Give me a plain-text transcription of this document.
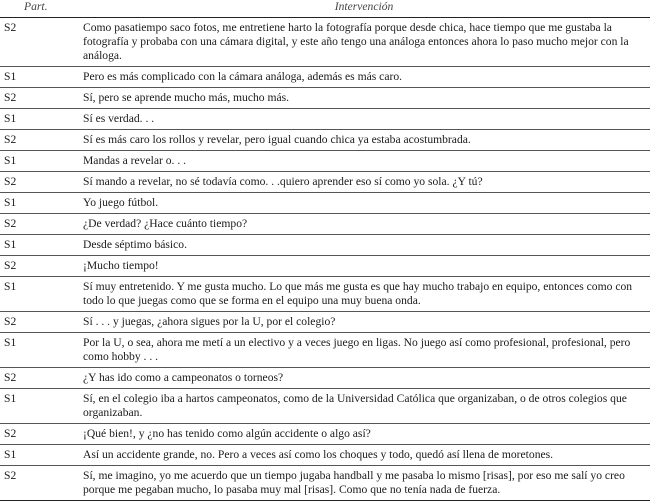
Part.	Intervención
S2	Como pasatiempo saco fotos, me entretiene harto la fotografía porque desde chica, hace tiempo que me gustaba la fotografía y probaba con una cámara digital, y este año tengo una análoga entonces ahora lo paso mucho mejor con la análoga.
S1	Pero es más complicado con la cámara análoga, además es más caro.
S2	Sí, pero se aprende mucho más, mucho más.
S1	Sí es verdad. . .
S2	Sí es más caro los rollos y revelar, pero igual cuando chica ya estaba acostumbrada.
S1	Mandas a revelar o. . .
S2	Sí mando a revelar, no sé todavía como. . .quiero aprender eso sí como yo sola. ¿Y tú?
S1	Yo juego fútbol.
S2	¿De verdad? ¿Hace cuánto tiempo?
S1	Desde séptimo básico.
S2	¡Mucho tiempo!
S1	Sí muy entretenido. Y me gusta mucho. Lo que más me gusta es que hay mucho trabajo en equipo, entonces como con todo lo que juegas como que se forma en el equipo una muy buena onda.
S2	Sí . . . y juegas, ¿ahora sigues por la U, por el colegio?
S1	Por la U, o sea, ahora me metí a un electivo y a veces juego en ligas. No juego así como profesional, profesional, pero como hobby . . .
S2	¿Y has ido como a campeonatos o torneos?
S1	Sí, en el colegio iba a hartos campeonatos, como de la Universidad Católica que organizaban, o de otros colegios que organizaban.
S2	¡Qué bien!, y ¿no has tenido como algún accidente o algo así?
S1	Así un accidente grande, no. Pero a veces así como los choques y todo, quedó así llena de moretones.
S2	Sí, me imagino, yo me acuerdo que un tiempo jugaba handball y me pasaba lo mismo [risas], por eso me salí yo creo porque me pegaban mucho, lo pasaba muy mal [risas]. Como que no tenía nada de fuerza.
